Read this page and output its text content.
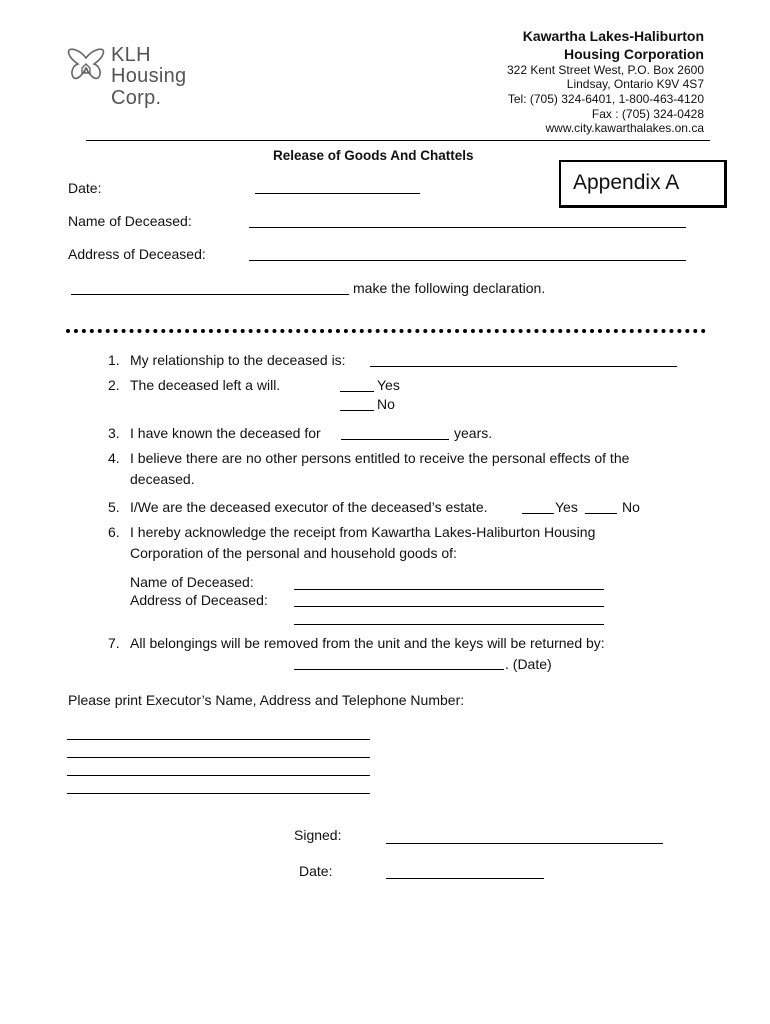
KLH
Housing
Corp.
Kawartha Lakes-Haliburton
Housing Corporation
322 Kent Street West, P.O. Box 2600
Lindsay, Ontario K9V 4S7
Tel: (705) 324-6401, 1-800-463-4120
Fax : (705) 324-0428
www.city.kawarthalakes.on.ca
Release of Goods And Chattels
Appendix A
Date:
Name of Deceased:
Address of Deceased:
make the following declaration.
1. My relationship to the deceased is:
2. The deceased left a will.	Yes
No
3. I have known the deceased for	years.
4. I believe there are no other persons entitled to receive the personal effects of the
deceased.
5. I/We are the deceased executor of the deceased’s estate.	Yes	No
6. I hereby acknowledge the receipt from Kawartha Lakes-Haliburton Housing
Corporation of the personal and household goods of:
Name of Deceased:
Address of Deceased:
7. All belongings will be removed from the unit and the keys will be returned by:
. (Date)
Please print Executor’s Name, Address and Telephone Number:
Signed:
Date:
